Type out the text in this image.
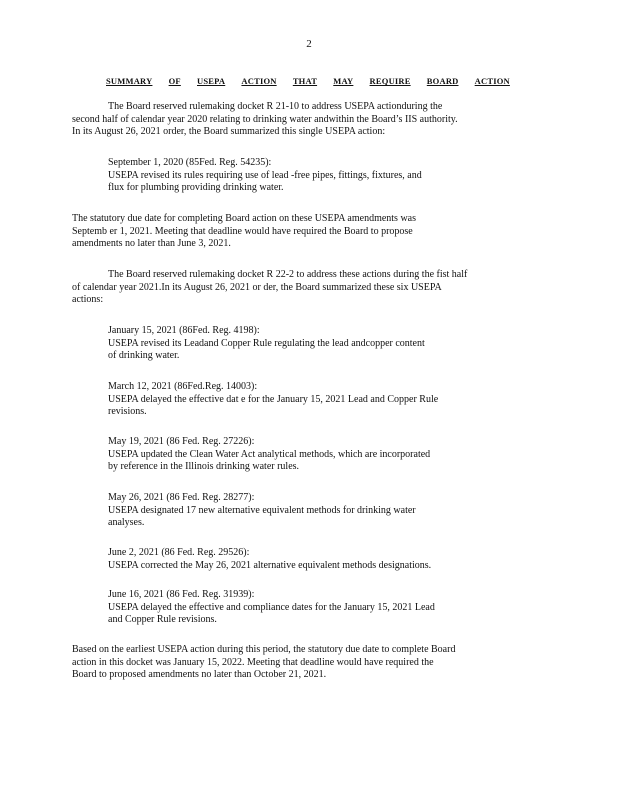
2
SUMMARY OF USEPA ACTION THAT MAY REQUIRE BOARD ACTION
The Board reserved rulemaking docket R 21-10 to address USEPA actionduring the
second half of calendar year 2020 relating to drinking water andwithin the Board’s IIS authority.
In its August 26, 2021 order, the Board summarized this single USEPA action:
September 1, 2020 (85Fed. Reg. 54235):
USEPA revised its rules requiring use of lead -free pipes, fittings, fixtures, and
flux for plumbing providing drinking water.
The statutory due date for completing Board action on these USEPA amendments was
Septemb er 1, 2021. Meeting that deadline would have required the Board to propose
amendments no later than June 3, 2021.
The Board reserved rulemaking docket R 22-2 to address these actions during the fist half
of calendar year 2021.In its August 26, 2021 or der, the Board summarized these six USEPA
actions:
January 15, 2021 (86Fed. Reg. 4198):
USEPA revised its Leadand Copper Rule regulating the lead andcopper content
of drinking water.
March 12, 2021 (86Fed.Reg. 14003):
USEPA delayed the effective dat e for the January 15, 2021 Lead and Copper Rule
revisions.
May 19, 2021 (86 Fed. Reg. 27226):
USEPA updated the Clean Water Act analytical methods, which are incorporated
by reference in the Illinois drinking water rules.
May 26, 2021 (86 Fed. Reg. 28277):
USEPA designated 17 new alternative equivalent methods for drinking water
analyses.
June 2, 2021 (86 Fed. Reg. 29526):
USEPA corrected the May 26, 2021 alternative equivalent methods designations.
June 16, 2021 (86 Fed. Reg. 31939):
USEPA delayed the effective and compliance dates for the January 15, 2021 Lead
and Copper Rule revisions.
Based on the earliest USEPA action during this period, the statutory due date to complete Board
action in this docket was January 15, 2022. Meeting that deadline would have required the
Board to proposed amendments no later than October 21, 2021.
